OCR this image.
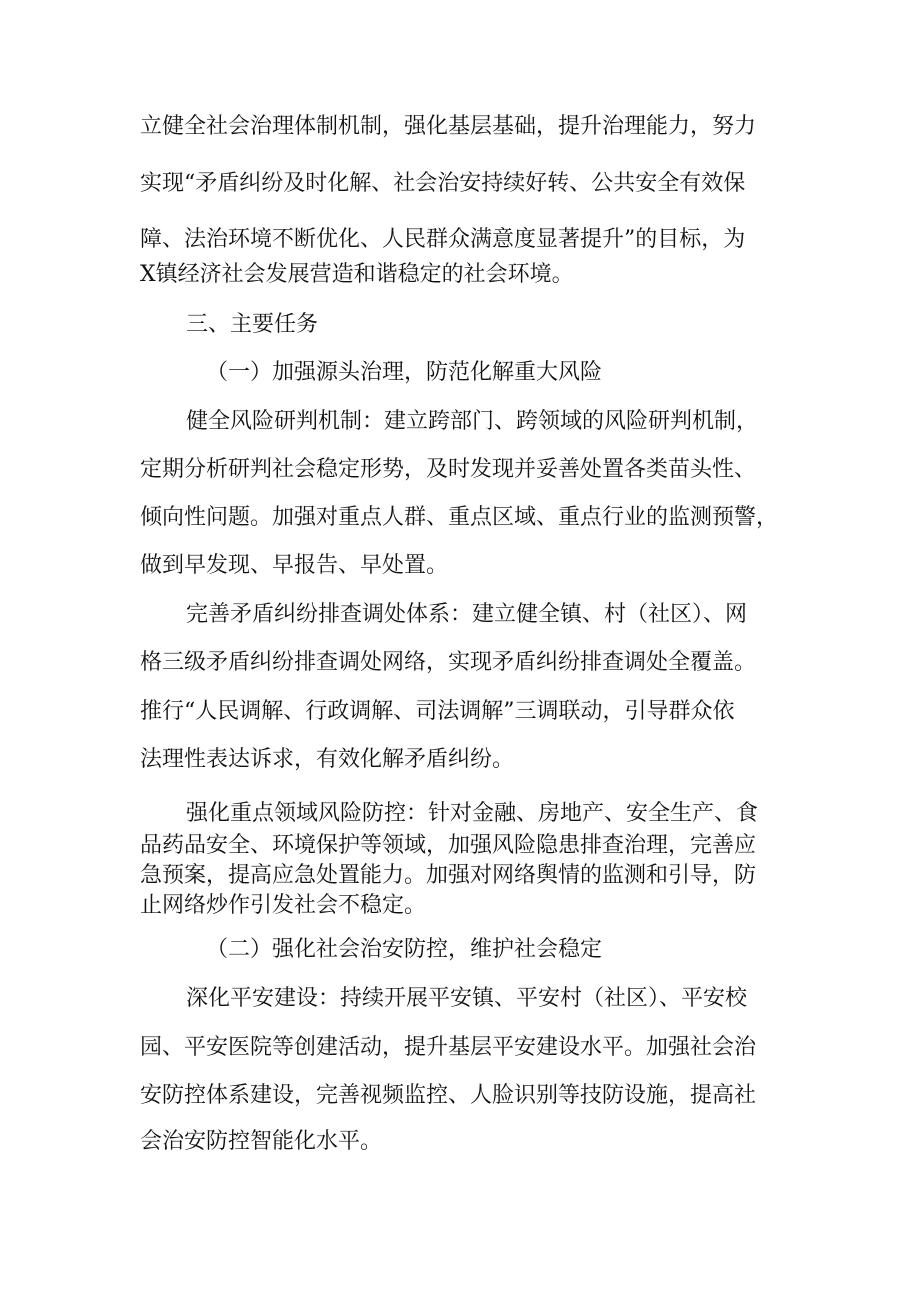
立健全社会治理体制机制，强化基层基础，提升治理能力，努力
实现“矛盾纠纷及时化解、社会治安持续好转、公共安全有效保
障、法治环境不断优化、人民群众满意度显著提升”的目标，为
X镇经济社会发展营造和谐稳定的社会环境。
三、主要任务
（一）加强源头治理，防范化解重大风险
健全风险研判机制：建立跨部门、跨领域的风险研判机制，
定期分析研判社会稳定形势，及时发现并妥善处置各类苗头性、
倾向性问题。加强对重点人群、重点区域、重点行业的监测预警，
做到早发现、早报告、早处置。
完善矛盾纠纷排查调处体系：建立健全镇、村（社区）、网
格三级矛盾纠纷排查调处网络，实现矛盾纠纷排查调处全覆盖。
推行“人民调解、行政调解、司法调解”三调联动，引导群众依
法理性表达诉求，有效化解矛盾纠纷。
强化重点领域风险防控：针对金融、房地产、安全生产、食
品药品安全、环境保护等领域，加强风险隐患排查治理，完善应
急预案，提高应急处置能力。加强对网络舆情的监测和引导，防
止网络炒作引发社会不稳定。
（二）强化社会治安防控，维护社会稳定
深化平安建设：持续开展平安镇、平安村（社区）、平安校
园、平安医院等创建活动，提升基层平安建设水平。加强社会治
安防控体系建设，完善视频监控、人脸识别等技防设施，提高社
会治安防控智能化水平。
